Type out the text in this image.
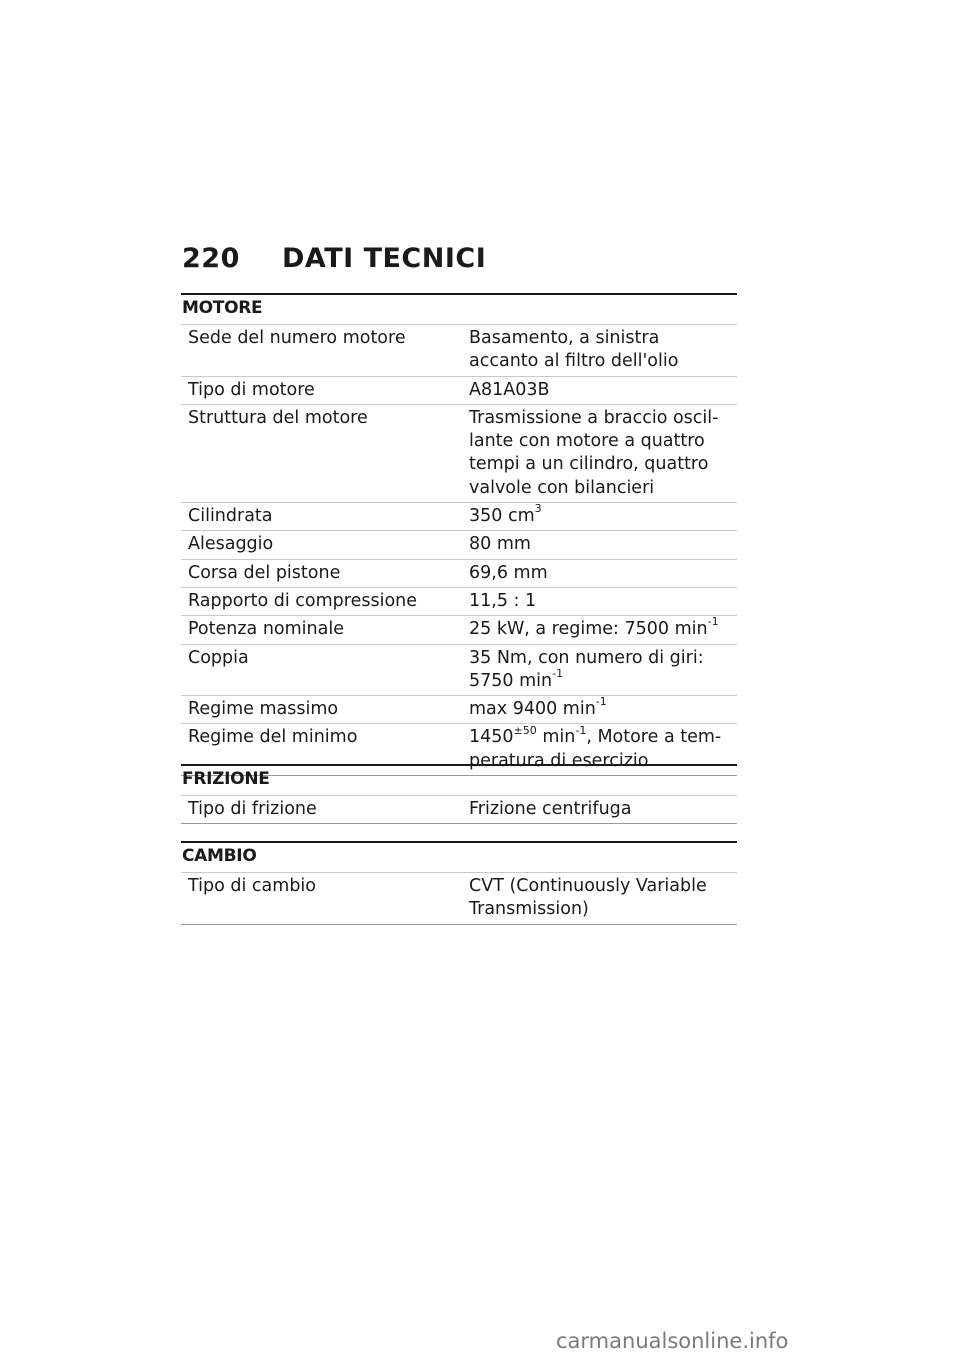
220 DATI TECNICI
MOTORE
Sede del numero motore	Basamento, a sinistra accanto al filtro dell'olio
Tipo di motore	A81A03B
Struttura del motore	Trasmissione a braccio oscillante con motore a quattro tempi a un cilindro, quattro valvole con bilancieri
Cilindrata	350 $cm^3$
Alesaggio	80 mm
Corsa del pistone	69,6 mm
Rapporto di compressione	11,5 : 1
Potenza nominale	25 kW, a regime: 7500 $\min^{-1}$
Coppia	35 Nm, con numero di giri: 5750 $\min^{-1}$
Regime massimo	max 9400 $\min^{-1}$
Regime del minimo	$1450^{\pm 50}$ $\min^{-1}$, Motore a temperatura di esercizio
FRIZIONE
Tipo di frizione	Frizione centrifuga
CAMBIO
Tipo di cambio	CVT (Continuously Variable Transmission)
carmanualsonline.info
